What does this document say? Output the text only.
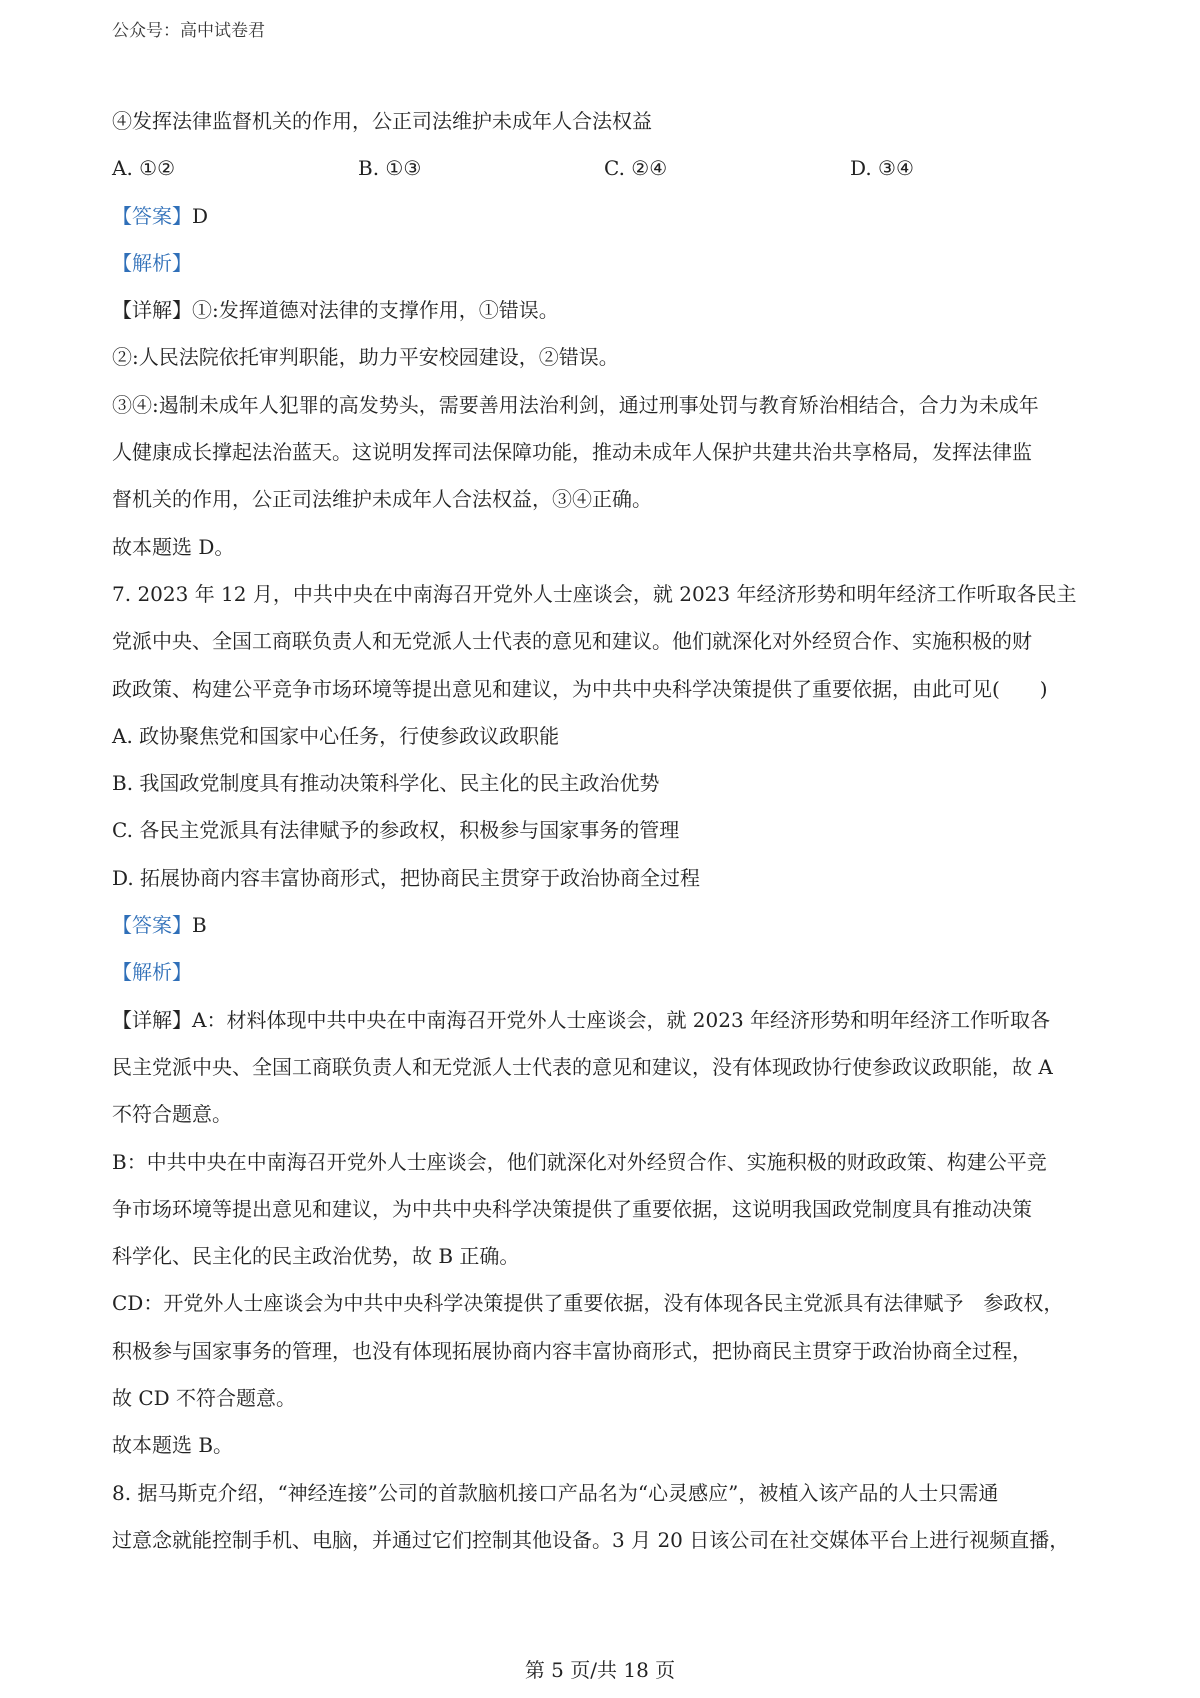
公众号：高中试卷君
④发挥法律监督机关的作用，公正司法维护未成年人合法权益
A. ①②	B. ①③	C. ②④	D. ③④
【答案】D
【解析】
【详解】①:发挥道德对法律的支撑作用，①错误。
②:人民法院依托审判职能，助力平安校园建设，②错误。
③④:遏制未成年人犯罪的高发势头，需要善用法治利剑，通过刑事处罚与教育矫治相结合，合力为未成年
人健康成长撑起法治蓝天。这说明发挥司法保障功能，推动未成年人保护共建共治共享格局，发挥法律监
督机关的作用，公正司法维护未成年人合法权益，③④正确。
故本题选 D。
7. 2023 年 12 月，中共中央在中南海召开党外人士座谈会，就 2023 年经济形势和明年经济工作听取各民主
党派中央、全国工商联负责人和无党派人士代表的意见和建议。他们就深化对外经贸合作、实施积极的财
政政策、构建公平竞争市场环境等提出意见和建议，为中共中央科学决策提供了重要依据，由此可见(　　)
A. 政协聚焦党和国家中心任务，行使参政议政职能
B. 我国政党制度具有推动决策科学化、民主化的民主政治优势
C. 各民主党派具有法律赋予的参政权，积极参与国家事务的管理
D. 拓展协商内容丰富协商形式，把协商民主贯穿于政治协商全过程
【答案】B
【解析】
【详解】A：材料体现中共中央在中南海召开党外人士座谈会，就 2023 年经济形势和明年经济工作听取各
民主党派中央、全国工商联负责人和无党派人士代表的意见和建议，没有体现政协行使参政议政职能，故 A
不符合题意。
B：中共中央在中南海召开党外人士座谈会，他们就深化对外经贸合作、实施积极的财政政策、构建公平竞
争市场环境等提出意见和建议，为中共中央科学决策提供了重要依据，这说明我国政党制度具有推动决策
科学化、民主化的民主政治优势，故 B 正确。
CD：开党外人士座谈会为中共中央科学决策提供了重要依据，没有体现各民主党派具有法律赋予　参政权，
积极参与国家事务的管理，也没有体现拓展协商内容丰富协商形式，把协商民主贯穿于政治协商全过程，
故 CD 不符合题意。
故本题选 B。
8. 据马斯克介绍，“神经连接”公司的首款脑机接口产品名为“心灵感应”，被植入该产品的人士只需通
过意念就能控制手机、电脑，并通过它们控制其他设备。3 月 20 日该公司在社交媒体平台上进行视频直播，
第 5 页/共 18 页
